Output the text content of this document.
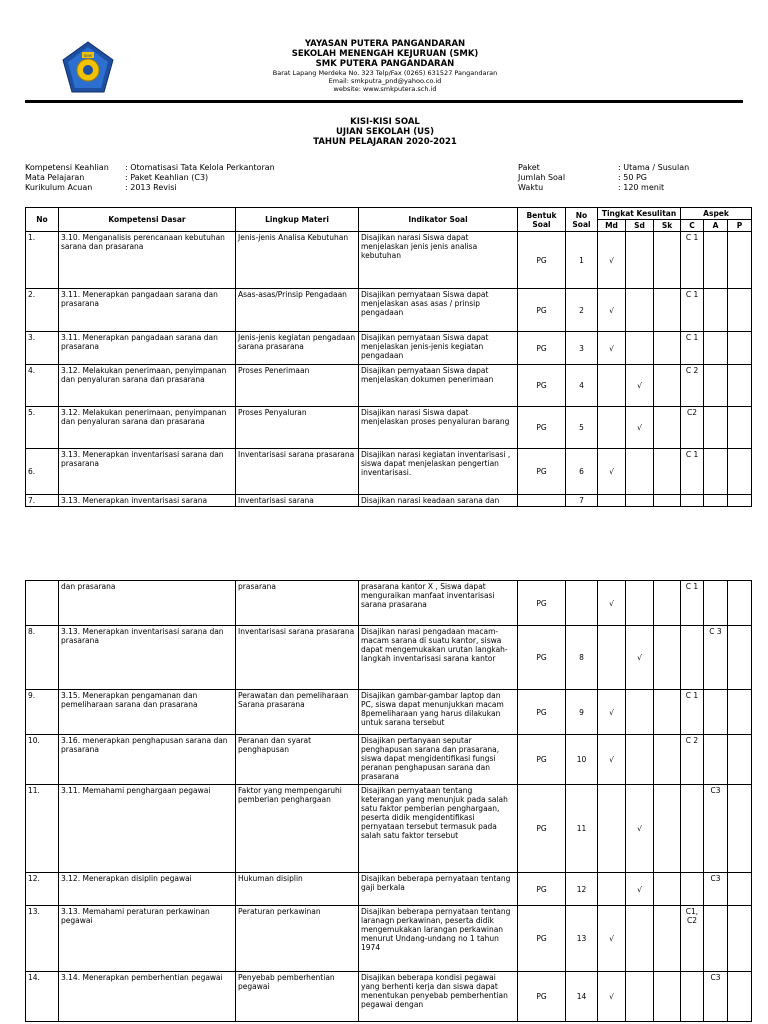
SMK
YAYASAN PUTERA PANGANDARAN
SEKOLAH MENENGAH KEJURUAN (SMK)
SMK PUTERA PANGANDARAN
Barat Lapang Merdeka No. 323 Telp/Fax (0265) 631527 Pangandaran
Email: smkputra_pnd@yahoo.co.id
website: www.smkputera.sch.id
KISI-KISI SOAL
UJIAN SEKOLAH (US)
TAHUN PELAJARAN 2020-2021
Kompetensi Keahlian : Otomatisasi Tata Kelola Perkantoran
Mata Pelajaran	: Paket Keahlian (C3)
Kurikulum Acuan	: 2013 Revisi
Paket	: Utama / Susulan
Jumlah Soal	: 50 PG
Waktu	: 120 menit
No	Kompetensi Dasar	Lingkup Materi	Indikator Soal	Bentuk Soal	No Soal	Tingkat Kesulitan			Aspek		
						Md	Sd	Sk	C	A	P
1.	3.10. Menganalisis perencanaan kebutuhan sarana dan prasarana	Jenis-jenis Analisa Kebutuhan	Disajikan narasi Siswa dapat menjelaskan jenis jenis analisa kebutuhan	PG	1	√			C 1		
2.	3.11. Menerapkan pangadaan sarana dan prasarana	Asas-asas/Prinsip Pengadaan	Disajikan pernyataan Siswa dapat menjelaskan asas asas / prinsip pengadaan	PG	2	√			C 1		
3.	3.11. Menerapkan pangadaan sarana dan prasarana	Jenis-jenis kegiatan pengadaan sarana prasarana	Disajikan pernyataan Siswa dapat menjelaskan jenis-jenis kegiatan pengadaan	PG	3	√			C 1		
4.	3.12. Melakukan penerimaan, penyimpanan dan penyaluran sarana dan prasarana	Proses Penerimaan	Disajikan pernyataan Siswa dapat menjelaskan dokumen penerimaan	PG	4		√		C 2		
5.	3.12. Melakukan penerimaan, penyimpanan dan penyaluran sarana dan prasarana	Proses Penyaluran	Disajikan narasi Siswa dapat menjelaskan proses penyaluran barang	PG	5		√		C2		
6.	3.13. Menerapkan inventarisasi sarana dan prasarana	Inventarisasi sarana prasarana	Disajikan narasi kegiatan inventarisasi , siswa dapat menjelaskan pengertian inventarisasi.	PG	6	√			C 1		
7.	3.13. Menerapkan inventarisasi sarana	Inventarisasi sarana	Disajikan narasi keadaan sarana dan		7						
	dan prasarana	prasarana	prasarana kantor X , Siswa dapat menguraikan manfaat inventarisasi sarana prasarana	PG		√			C 1		
8.	3.13. Menerapkan inventarisasi sarana dan prasarana	Inventarisasi sarana prasarana	Disajikan narasi pengadaan macam-macam sarana di suatu kantor, siswa dapat mengemukakan urutan langkah-langkah inventarisasi sarana kantor	PG	8		√			C 3	
9.	3.15. Menerapkan pengamanan dan pemeliharaan sarana dan prasarana	Perawatan dan pemeliharaan Sarana prasarana	Disajikan gambar-gambar laptop dan PC, siswa dapat menunjukkan macam 8pemeliharaan yang harus dilakukan untuk sarana tersebut	PG	9	√			C 1		
10.	3.16. menerapkan penghapusan sarana dan prasarana	Peranan dan syarat penghapusan	Disajikan pertanyaan seputar penghapusan sarana dan prasarana, siswa dapat mengidentifikasi fungsi peranan penghapusan sarana dan prasarana	PG	10	√			C 2		
11.	3.11. Memahami penghargaan pegawai	Faktor yang mempengaruhi pemberian penghargaan	Disajikan pernyataan tentang keterangan yang menunjuk pada salah satu faktor pemberian penghargaan, peserta didik mengidentifikasi pernyataan tersebut termasuk pada salah satu faktor tersebut	PG	11		√			C3	
12.	3.12. Menerapkan disiplin pegawai	Hukuman disiplin	Disajikan beberapa pernyataan tentang gaji berkala	PG	12		√			C3	
13.	3.13. Memahami peraturan perkawinan pegawai	Peraturan perkawinan	Disajikan beberapa pernyataan tentang laranagn perkawinan, peserta didik mengemukakan larangan perkawinan menurut Undang-undang no 1 tahun 1974	PG	13	√			C1, C2		
14.	3.14. Menerapkan pemberhentian pegawai	Penyebab pemberhentian pegawai	Disajikan beberapa kondisi pegawai yang berhenti kerja dan siswa dapat menentukan penyebab pemberhentian pegawai dengan	PG	14	√				C3	
